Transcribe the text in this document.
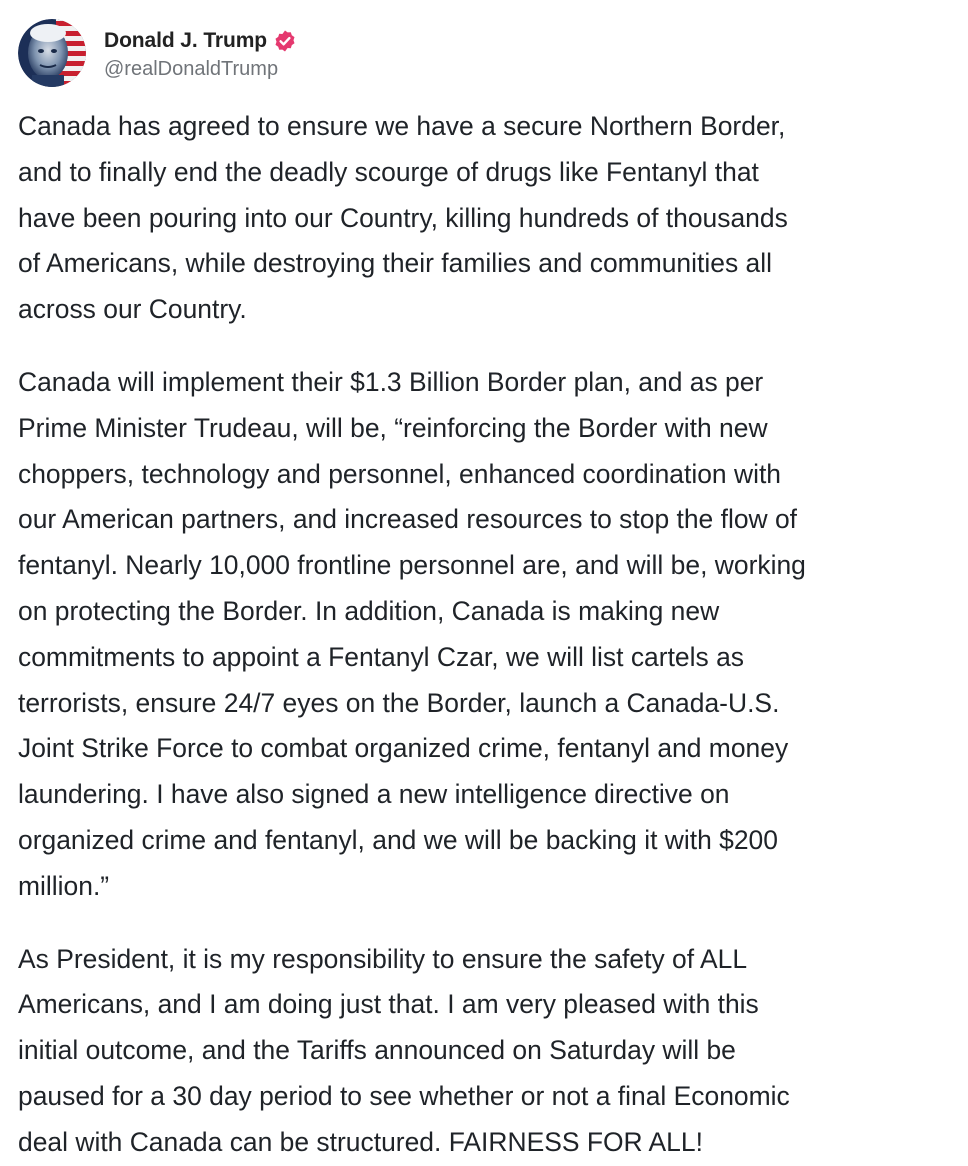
Donald J. Trump
@realDonaldTrump

Canada has agreed to ensure we have a secure Northern Border,
and to finally end the deadly scourge of drugs like Fentanyl that
have been pouring into our Country, killing hundreds of thousands
of Americans, while destroying their families and communities all
across our Country.

Canada will implement their $1.3 Billion Border plan, and as per
Prime Minister Trudeau, will be, “reinforcing the Border with new
choppers, technology and personnel, enhanced coordination with
our American partners, and increased resources to stop the flow of
fentanyl. Nearly 10,000 frontline personnel are, and will be, working
on protecting the Border. In addition, Canada is making new
commitments to appoint a Fentanyl Czar, we will list cartels as
terrorists, ensure 24/7 eyes on the Border, launch a Canada-U.S.
Joint Strike Force to combat organized crime, fentanyl and money
laundering. I have also signed a new intelligence directive on
organized crime and fentanyl, and we will be backing it with $200
million.”

As President, it is my responsibility to ensure the safety of ALL
Americans, and I am doing just that. I am very pleased with this
initial outcome, and the Tariffs announced on Saturday will be
paused for a 30 day period to see whether or not a final Economic
deal with Canada can be structured. FAIRNESS FOR ALL!
